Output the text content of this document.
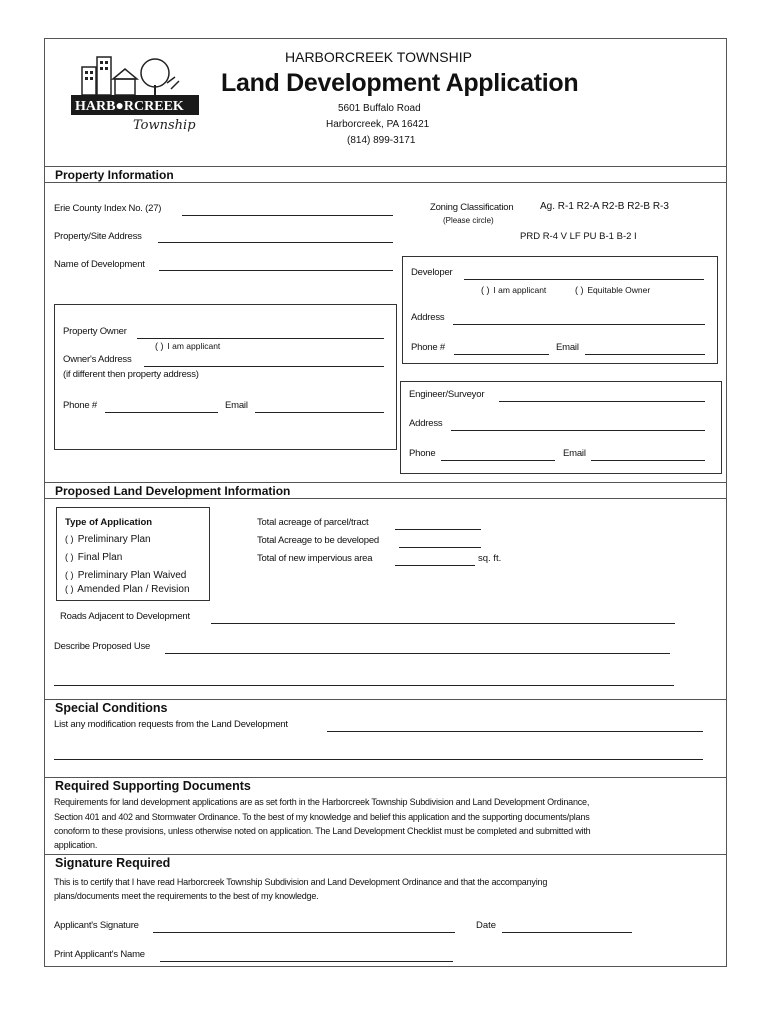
HARB●RCREEK
Township
HARBORCREEK TOWNSHIP
Land Development Application
5601 Buffalo Road
Harborcreek, PA 16421
(814) 899-3171
Property Information
Erie County Index No. (27)
Property/Site Address
Name of Development
Zoning Classification	Ag. R-1 R2-A R2-B R2-B R-3
(Please circle)
PRD R-4 V LF PU B-1 B-2 I
Developer
( ) I am applicant	( ) Equitable Owner
Address
Phone #	Email
Property Owner
( ) I am applicant
Owner's Address
(if different then property address)
Phone #	Email
Engineer/Surveyor
Address
Phone	Email
Proposed Land Development Information
Type of Application
( ) Preliminary Plan
( ) Final Plan
( ) Preliminary Plan Waived
( ) Amended Plan / Revision
Total acreage of parcel/tract
Total Acreage to be developed
Total of new impervious area	sq. ft.
Roads Adjacent to Development
Describe Proposed Use
Special Conditions
List any modification requests from the Land Development
Required Supporting Documents
Requirements for land development applications are as set forth in the Harborcreek Township Subdivision and Land Development Ordinance,
Section 401 and 402 and Stormwater Ordinance. To the best of my knowledge and belief this application and the supporting documents/plans
conoform to these provisions, unless otherwise noted on application. The Land Development Checklist must be completed and submitted with
application.
Signature Required
This is to certify that I have read Harborcreek Township Subdivision and Land Development Ordinance and that the accompanying
plans/documents meet the requirements to the best of my knowledge.
Applicant's Signature	Date
Print Applicant's Name
